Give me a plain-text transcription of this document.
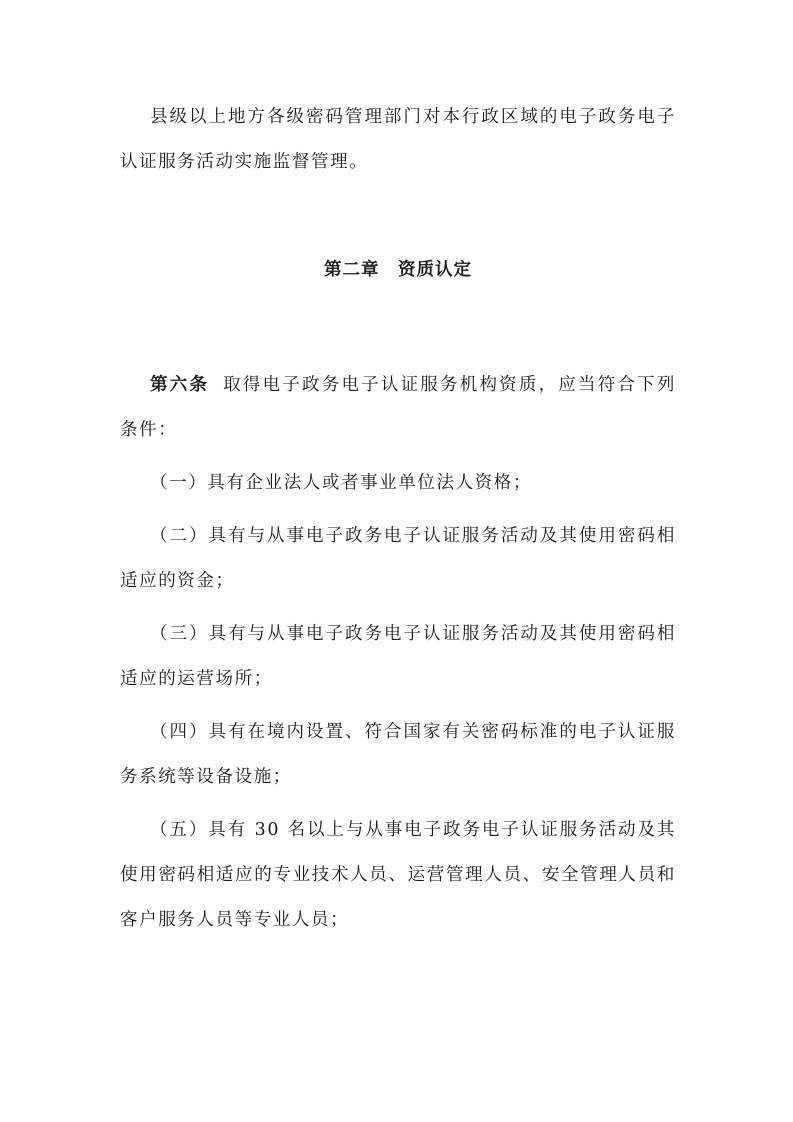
县级以上地方各级密码管理部门对本行政区域的电子政务电子认证服务活动实施监督管理。

第二章　资质认定

第六条 取得电子政务电子认证服务机构资质，应当符合下列条件：

（一）具有企业法人或者事业单位法人资格；

（二）具有与从事电子政务电子认证服务活动及其使用密码相适应的资金；

（三）具有与从事电子政务电子认证服务活动及其使用密码相适应的运营场所；

（四）具有在境内设置、符合国家有关密码标准的电子认证服务系统等设备设施；

（五）具有 30 名以上与从事电子政务电子认证服务活动及其使用密码相适应的专业技术人员、运营管理人员、安全管理人员和客户服务人员等专业人员；
